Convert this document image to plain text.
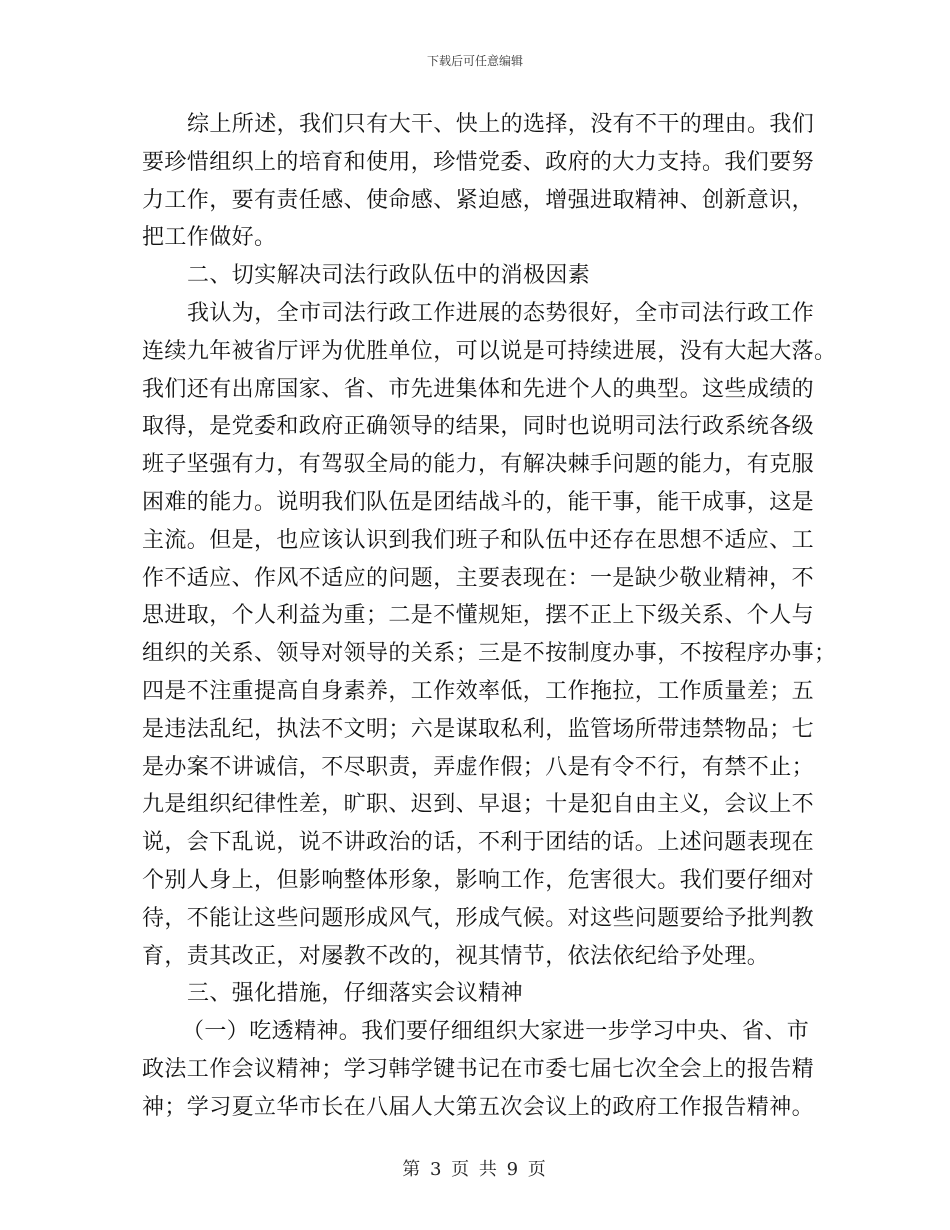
下载后可任意编辑
综上所述，我们只有大干、快上的选择，没有不干的理由。我们
要珍惜组织上的培育和使用，珍惜党委、政府的大力支持。我们要努
力工作，要有责任感、使命感、紧迫感，增强进取精神、创新意识，
把工作做好。
二、切实解决司法行政队伍中的消极因素
我认为，全市司法行政工作进展的态势很好，全市司法行政工作
连续九年被省厅评为优胜单位，可以说是可持续进展，没有大起大落。
我们还有出席国家、省、市先进集体和先进个人的典型。这些成绩的
取得，是党委和政府正确领导的结果，同时也说明司法行政系统各级
班子坚强有力，有驾驭全局的能力，有解决棘手问题的能力，有克服
困难的能力。说明我们队伍是团结战斗的，能干事，能干成事，这是
主流。但是，也应该认识到我们班子和队伍中还存在思想不适应、工
作不适应、作风不适应的问题，主要表现在：一是缺少敬业精神，不
思进取，个人利益为重；二是不懂规矩，摆不正上下级关系、个人与
组织的关系、领导对领导的关系；三是不按制度办事，不按程序办事；
四是不注重提高自身素养，工作效率低，工作拖拉，工作质量差；五
是违法乱纪，执法不文明；六是谋取私利，监管场所带违禁物品；七
是办案不讲诚信，不尽职责，弄虚作假；八是有令不行，有禁不止；
九是组织纪律性差，旷职、迟到、早退；十是犯自由主义，会议上不
说，会下乱说，说不讲政治的话，不利于团结的话。上述问题表现在
个别人身上，但影响整体形象，影响工作，危害很大。我们要仔细对
待，不能让这些问题形成风气，形成气候。对这些问题要给予批判教
育，责其改正，对屡教不改的，视其情节，依法依纪给予处理。
三、强化措施，仔细落实会议精神
（一）吃透精神。我们要仔细组织大家进一步学习中央、省、市
政法工作会议精神；学习韩学键书记在市委七届七次全会上的报告精
神；学习夏立华市长在八届人大第五次会议上的政府工作报告精神。
第 3 页 共 9 页
